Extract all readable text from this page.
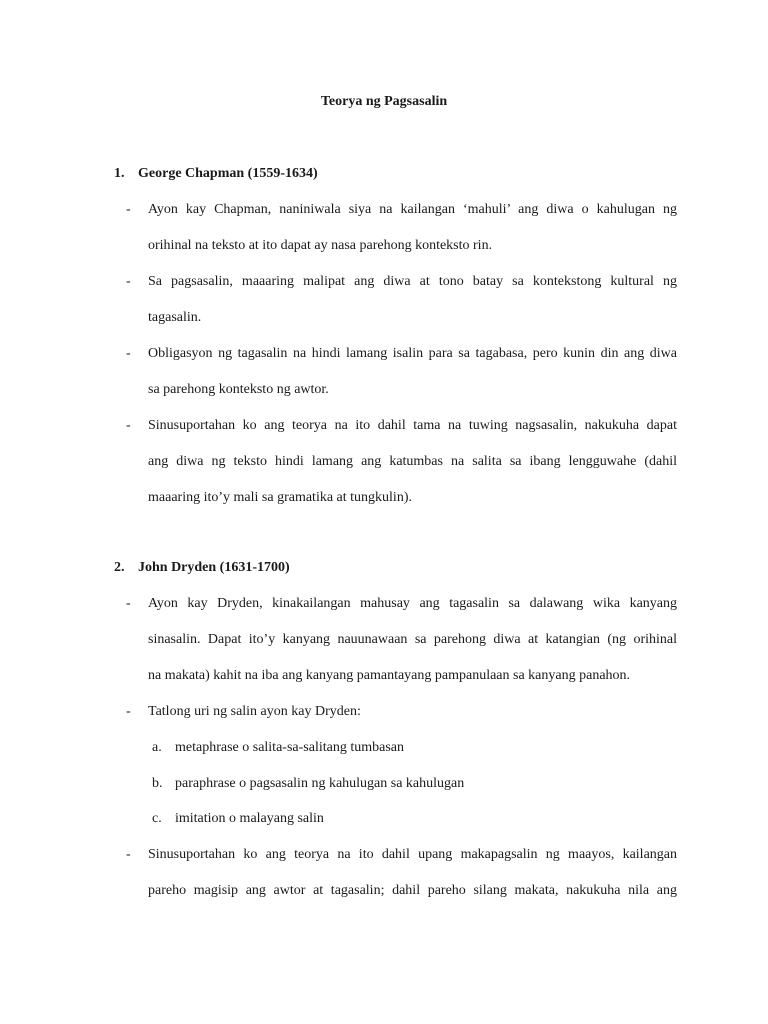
Teorya ng Pagsasalin
1. George Chapman (1559-1634)
- Ayon kay Chapman, naniniwala siya na kailangan ‘mahuli’ ang diwa o kahulugan ng
orihinal na teksto at ito dapat ay nasa parehong konteksto rin.
- Sa pagsasalin, maaaring malipat ang diwa at tono batay sa kontekstong kultural ng
tagasalin.
- Obligasyon ng tagasalin na hindi lamang isalin para sa tagabasa, pero kunin din ang diwa
sa parehong konteksto ng awtor.
- Sinusuportahan ko ang teorya na ito dahil tama na tuwing nagsasalin, nakukuha dapat
ang diwa ng teksto hindi lamang ang katumbas na salita sa ibang lengguwahe (dahil
maaaring ito’y mali sa gramatika at tungkulin).
2. John Dryden (1631-1700)
- Ayon kay Dryden, kinakailangan mahusay ang tagasalin sa dalawang wika kanyang
sinasalin. Dapat ito’y kanyang nauunawaan sa parehong diwa at katangian (ng orihinal
na makata) kahit na iba ang kanyang pamantayang pampanulaan sa kanyang panahon.
- Tatlong uri ng salin ayon kay Dryden:
a. metaphrase o salita-sa-salitang tumbasan
b. paraphrase o pagsasalin ng kahulugan sa kahulugan
c. imitation o malayang salin
- Sinusuportahan ko ang teorya na ito dahil upang makapagsalin ng maayos, kailangan
pareho magisip ang awtor at tagasalin; dahil pareho silang makata, nakukuha nila ang
